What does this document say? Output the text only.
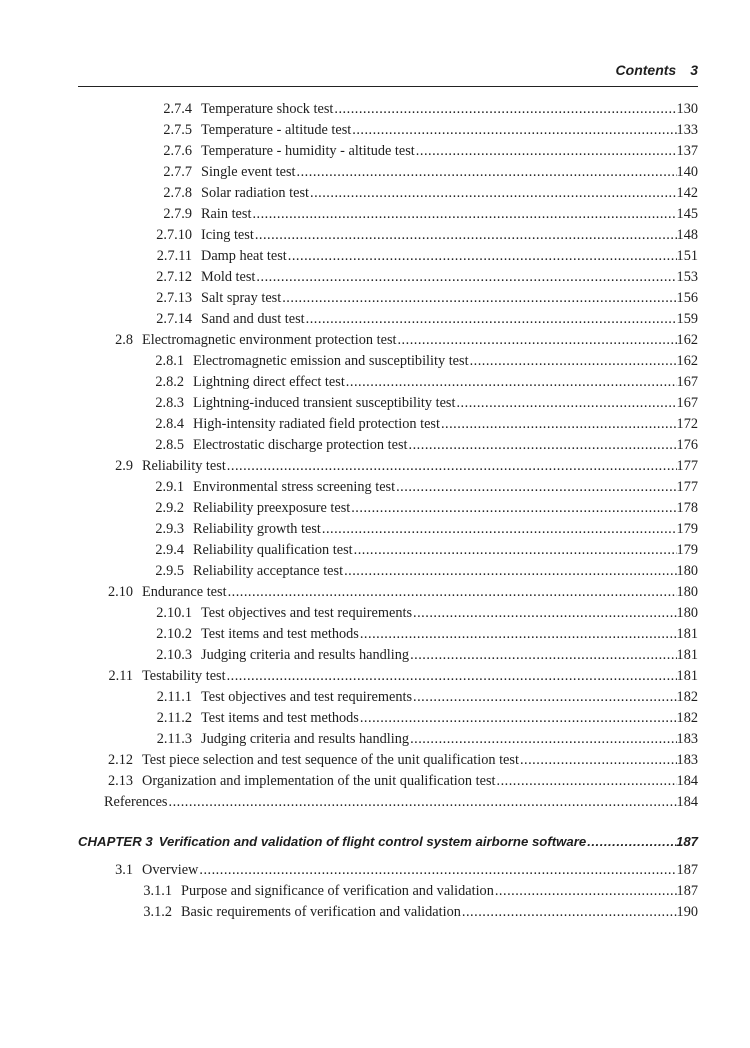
Contents 3
2.7.4 Temperature shock test .....	130
2.7.5 Temperature - altitude test .....	133
2.7.6 Temperature - humidity - altitude test .....	137
2.7.7 Single event test .....	140
2.7.8 Solar radiation test .....	142
2.7.9 Rain test .....	145
2.7.10 Icing test .....	148
2.7.11 Damp heat test .....	151
2.7.12 Mold test .....	153
2.7.13 Salt spray test .....	156
2.7.14 Sand and dust test .....	159
2.8 Electromagnetic environment protection test .....	162
2.8.1 Electromagnetic emission and susceptibility test .....	162
2.8.2 Lightning direct effect test .....	167
2.8.3 Lightning-induced transient susceptibility test .....	167
2.8.4 High-intensity radiated field protection test .....	172
2.8.5 Electrostatic discharge protection test .....	176
2.9 Reliability test .....	177
2.9.1 Environmental stress screening test .....	177
2.9.2 Reliability preexposure test .....	178
2.9.3 Reliability growth test .....	179
2.9.4 Reliability qualification test .....	179
2.9.5 Reliability acceptance test .....	180
2.10 Endurance test .....	180
2.10.1 Test objectives and test requirements .....	180
2.10.2 Test items and test methods .....	181
2.10.3 Judging criteria and results handling .....	181
2.11 Testability test .....	181
2.11.1 Test objectives and test requirements .....	182
2.11.2 Test items and test methods .....	182
2.11.3 Judging criteria and results handling .....	183
2.12 Test piece selection and test sequence of the unit qualification test .....	183
2.13 Organization and implementation of the unit qualification test .....	184
References .....	184
CHAPTER 3 Verification and validation of flight control system airborne software .....	187
3.1 Overview .....	187
3.1.1 Purpose and significance of verification and validation .....	187
3.1.2 Basic requirements of verification and validation .....	190
